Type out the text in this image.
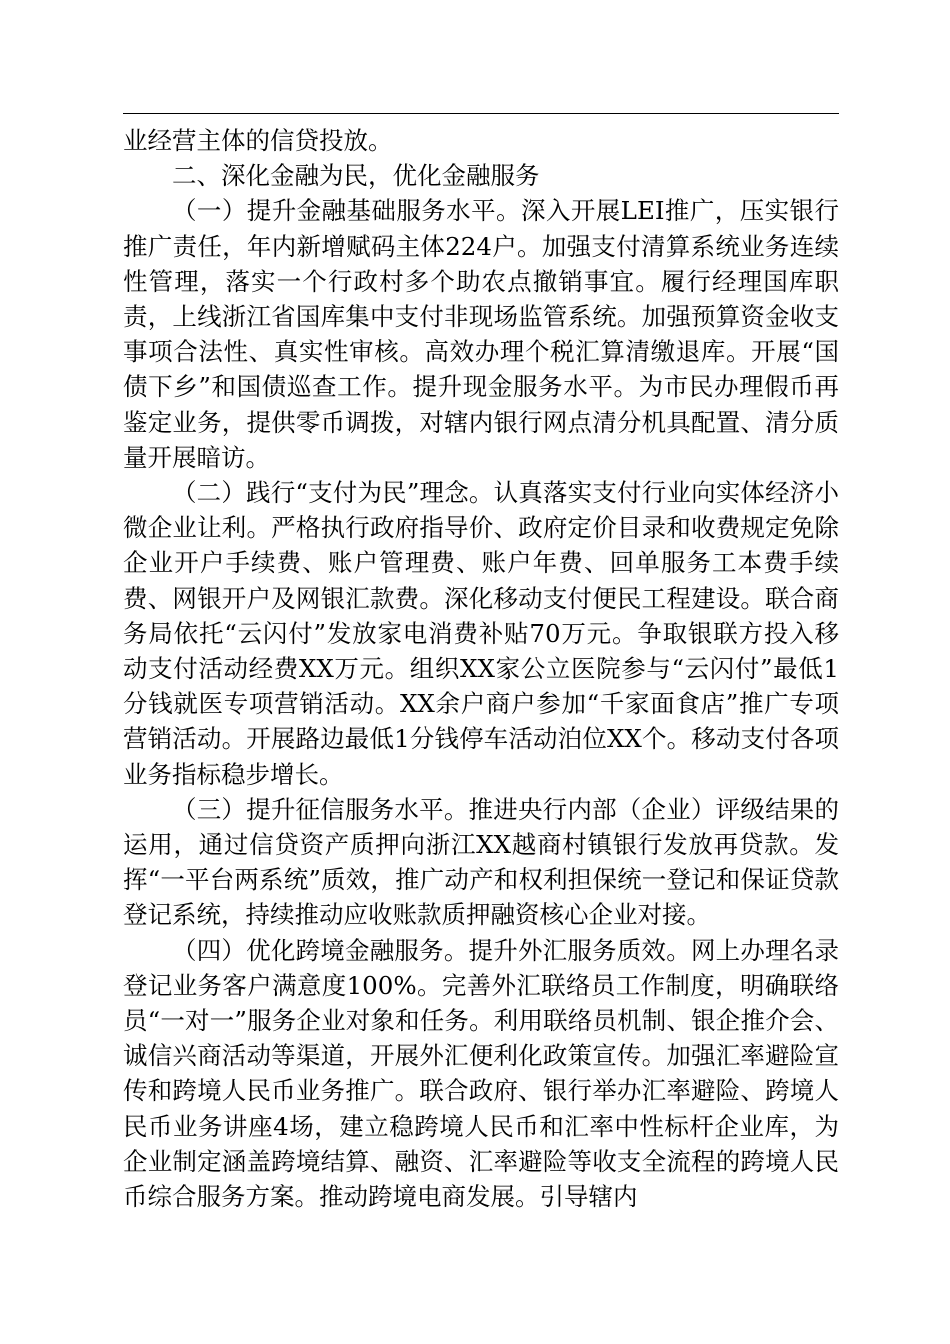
业经营主体的信贷投放。

二、深化金融为民，优化金融服务

（一）提升金融基础服务水平。深入开展LEI推广，压实银行推广责任，年内新增赋码主体224户。加强支付清算系统业务连续性管理，落实一个行政村多个助农点撤销事宜。履行经理国库职责，上线浙江省国库集中支付非现场监管系统。加强预算资金收支事项合法性、真实性审核。高效办理个税汇算清缴退库。开展“国债下乡”和国债巡查工作。提升现金服务水平。为市民办理假币再鉴定业务，提供零币调拨，对辖内银行网点清分机具配置、清分质量开展暗访。

（二）践行“支付为民”理念。认真落实支付行业向实体经济小微企业让利。严格执行政府指导价、政府定价目录和收费规定免除企业开户手续费、账户管理费、账户年费、回单服务工本费手续费、网银开户及网银汇款费。深化移动支付便民工程建设。联合商务局依托“云闪付”发放家电消费补贴70万元。争取银联方投入移动支付活动经费XX万元。组织XX家公立医院参与“云闪付”最低1分钱就医专项营销活动。XX余户商户参加“千家面食店”推广专项营销活动。开展路边最低1分钱停车活动泊位XX个。移动支付各项业务指标稳步增长。

（三）提升征信服务水平。推进央行内部（企业）评级结果的运用，通过信贷资产质押向浙江XX越商村镇银行发放再贷款。发挥“一平台两系统”质效，推广动产和权利担保统一登记和保证贷款登记系统，持续推动应收账款质押融资核心企业对接。

（四）优化跨境金融服务。提升外汇服务质效。网上办理名录登记业务客户满意度100%。完善外汇联络员工作制度，明确联络员“一对一”服务企业对象和任务。利用联络员机制、银企推介会、诚信兴商活动等渠道，开展外汇便利化政策宣传。加强汇率避险宣传和跨境人民币业务推广。联合政府、银行举办汇率避险、跨境人民币业务讲座4场，建立稳跨境人民币和汇率中性标杆企业库，为企业制定涵盖跨境结算、融资、汇率避险等收支全流程的跨境人民币综合服务方案。推动跨境电商发展。引导辖内
